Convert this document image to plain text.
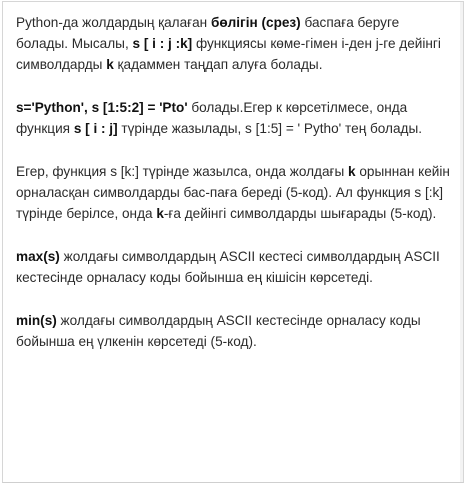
Python-да жолдардың қалаған бөлігін (срез) баспаға беруге болады. Мысалы, s [ i : j :k] функциясы көме-гімен i-ден j-ге дейінгі символдарды k қадаммен таңдап алуға болады.

s='Python', s [1:5:2] = 'Pto' болады.Егер к көрсетілмесе, онда функция s [ i : j] түрінде жазылады, s [1:5] = ' Pytho' тең болады.

Егер, функция s [k:] түрінде жазылса, онда жолдағы k орыннан кейін орналасқан символдарды бас-паға береді (5-код). Ал функция s [:k] түрінде берілсе, онда k-ға дейінгі символдарды шығарады (5-код).

max(s) жолдағы символдардың ASCII кестесі символдардың ASCII кестесінде орналасу коды бойынша ең кішісін көрсетеді.

min(s) жолдағы символдардың ASCII кестесінде орналасу коды бойынша ең үлкенін көрсетеді (5-код).
